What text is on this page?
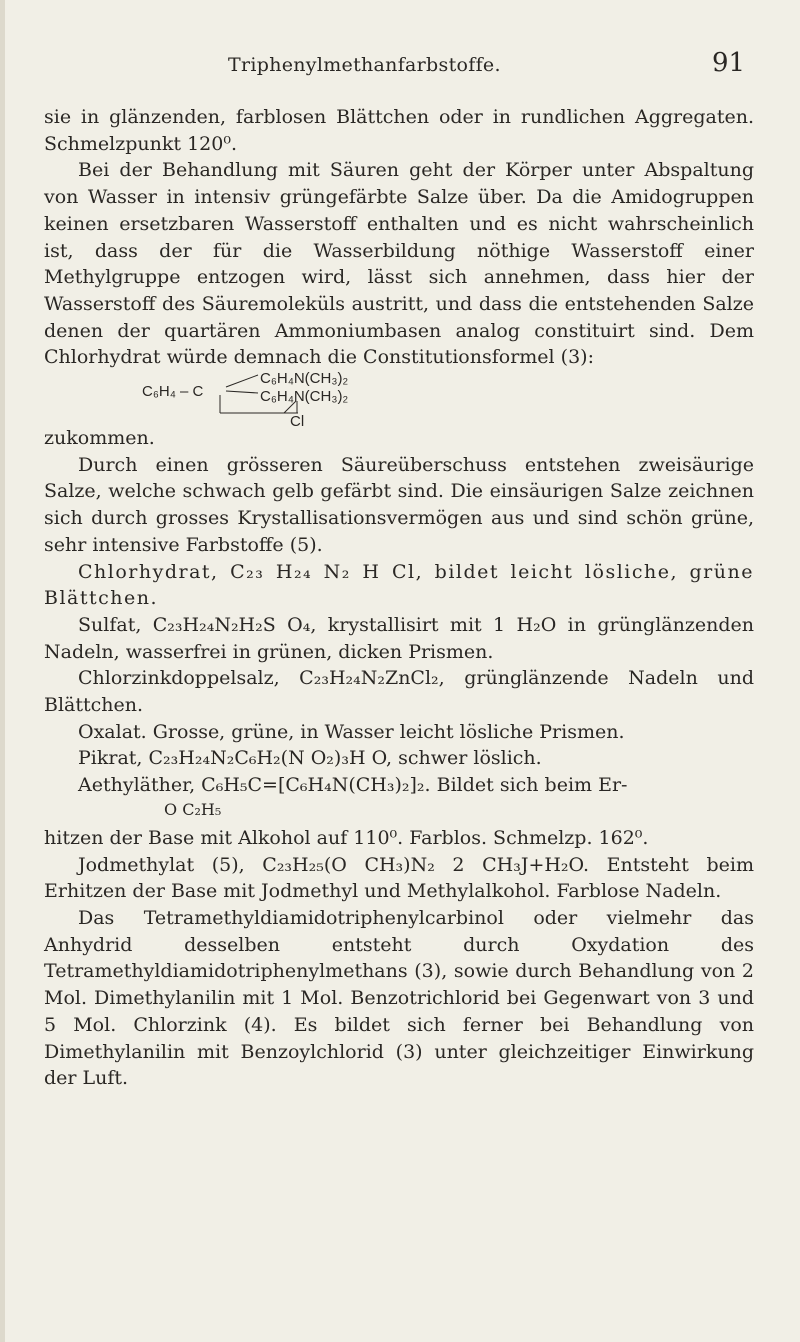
Triphenylmethanfarbstoffe.	91

sie in glänzenden, farblosen Blättchen oder in rundlichen Aggregaten. Schmelzpunkt 120⁰.

Bei der Behandlung mit Säuren geht der Körper unter Abspaltung von Wasser in intensiv grüngefärbte Salze über. Da die Amidogruppen keinen ersetzbaren Wasserstoff enthalten und es nicht wahrscheinlich ist, dass der für die Wasserbildung nöthige Wasserstoff einer Methylgruppe entzogen wird, lässt sich annehmen, dass hier der Wasserstoff des Säuremoleküls austritt, und dass die entstehenden Salze denen der quartären Ammoniumbasen analog constituirt sind. Dem Chlorhydrat würde demnach die Constitutionsformel (3):

C₆H₄ – C
C₆H₄N(CH₃)₂
C₆H₄N(CH₃)₂
Cl

zukommen.

Durch einen grösseren Säureüberschuss entstehen zweisäurige Salze, welche schwach gelb gefärbt sind. Die einsäurigen Salze zeichnen sich durch grosses Krystallisationsvermögen aus und sind schön grüne, sehr intensive Farbstoffe (5).

Chlorhydrat, C₂₃ H₂₄ N₂ H Cl, bildet leicht lösliche, grüne Blättchen.

Sulfat, C₂₃H₂₄N₂H₂S O₄, krystallisirt mit 1 H₂O in grünglänzenden Nadeln, wasserfrei in grünen, dicken Prismen.

Chlorzinkdoppelsalz, C₂₃H₂₄N₂ZnCl₂, grünglänzende Nadeln und Blättchen.

Oxalat. Grosse, grüne, in Wasser leicht lösliche Prismen.

Pikrat, C₂₃H₂₄N₂C₆H₂(N O₂)₃H O, schwer löslich.

Aethyläther, C₆H₅C=[C₆H₄N(CH₃)₂]₂. Bildet sich beim Er-

O C₂H₅

hitzen der Base mit Alkohol auf 110⁰. Farblos. Schmelzp. 162⁰.

Jodmethylat (5), C₂₃H₂₅(O CH₃)N₂ 2 CH₃J+H₂O. Entsteht beim Erhitzen der Base mit Jodmethyl und Methylalkohol. Farblose Nadeln.

Das Tetramethyldiamidotriphenylcarbinol oder vielmehr das Anhydrid desselben entsteht durch Oxydation des Tetramethyldiamidotriphenylmethans (3), sowie durch Behandlung von 2 Mol. Dimethylanilin mit 1 Mol. Benzotrichlorid bei Gegenwart von 3 und 5 Mol. Chlorzink (4). Es bildet sich ferner bei Behandlung von Dimethylanilin mit Benzoylchlorid (3) unter gleichzeitiger Einwirkung der Luft.
